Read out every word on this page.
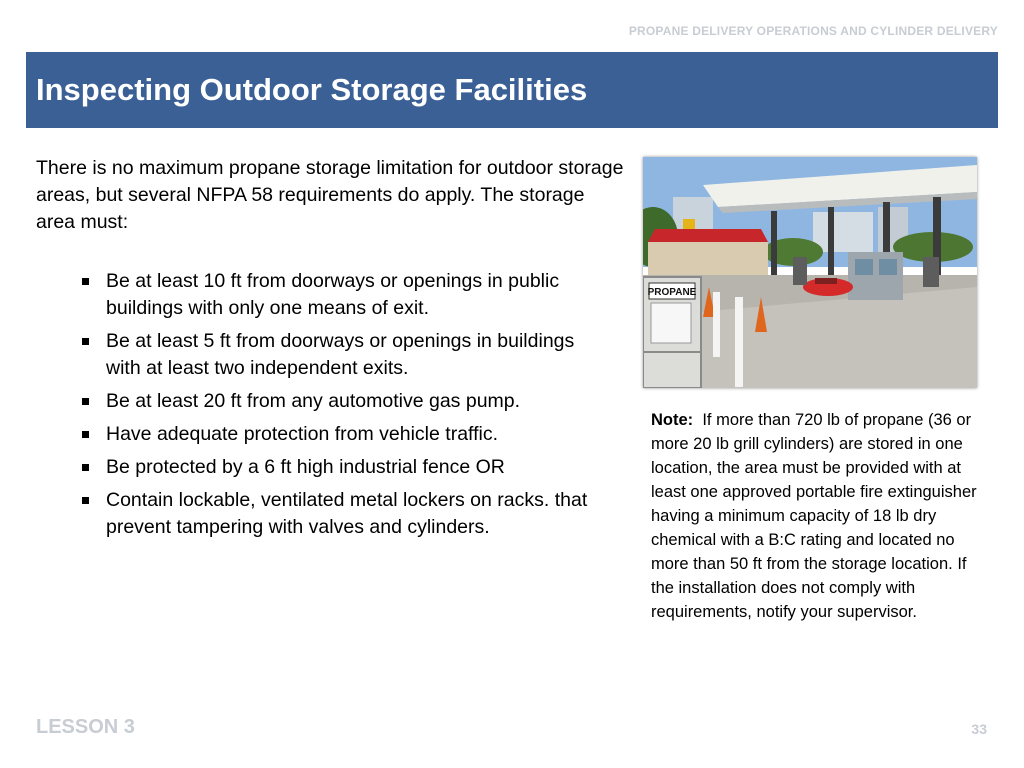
PROPANE DELIVERY OPERATIONS AND CYLINDER DELIVERY
Inspecting Outdoor Storage Facilities

There is no maximum propane storage limitation for outdoor storage areas, but several NFPA 58 requirements do apply. The storage area must:

Be at least 10 ft from doorways or openings in public buildings with only one means of exit.
Be at least 5 ft from doorways or openings in buildings with at least two independent exits.
Be at least 20 ft from any automotive gas pump.
Have adequate protection from vehicle traffic.
Be protected by a 6 ft high industrial fence OR
Contain lockable, ventilated metal lockers on racks. that prevent tampering with valves and cylinders.
PROPANE

Note: If more than 720 lb of propane (36 or more 20 lb grill cylinders) are stored in one location, the area must be provided with at least one approved portable fire extinguisher having a minimum capacity of 18 lb dry chemical with a B:C rating and located no more than 50 ft from the storage location. If the installation does not comply with requirements, notify your supervisor.

LESSON 3	33
